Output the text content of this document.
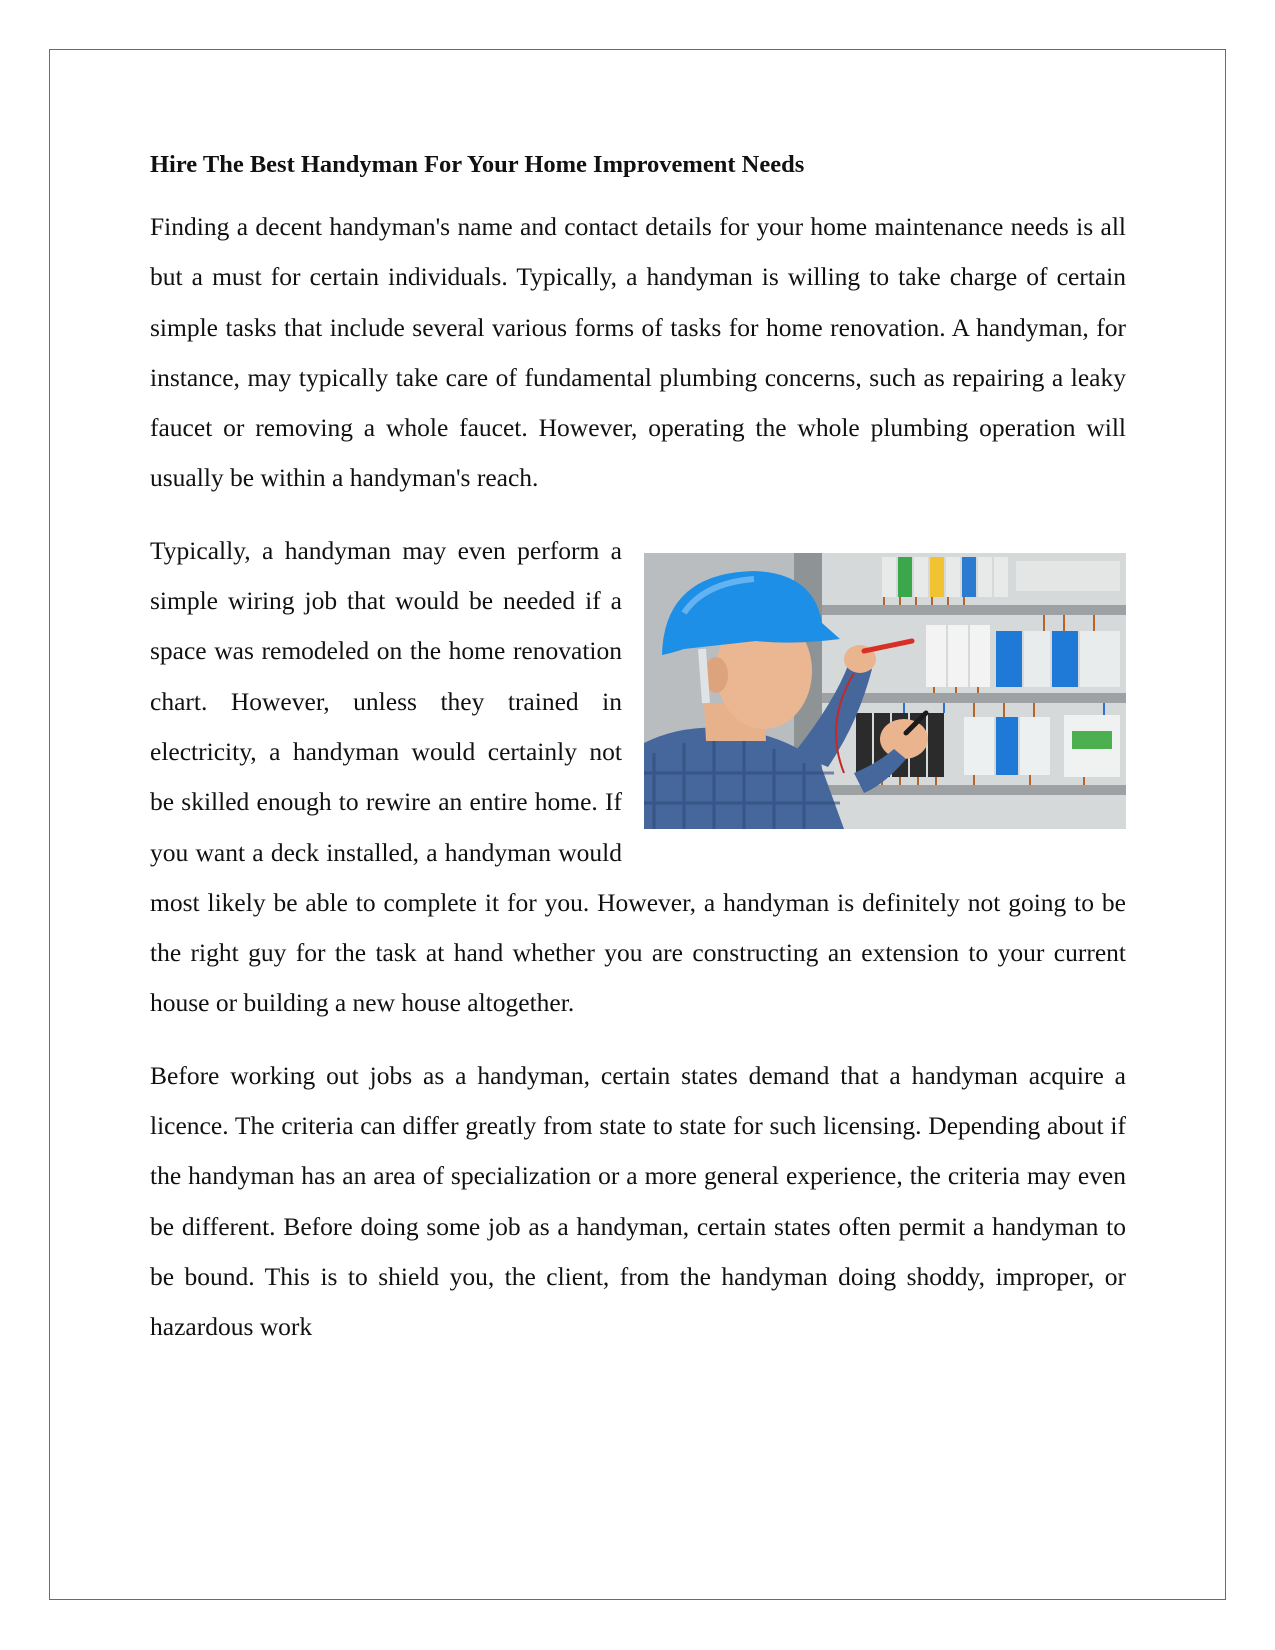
Hire The Best Handyman For Your Home Improvement Needs

Finding a decent handyman's name and contact details for your home maintenance needs is all but a must for certain individuals. Typically, a handyman is willing to take charge of certain simple tasks that include several various forms of tasks for home renovation. A handyman, for instance, may typically take care of fundamental plumbing concerns, such as repairing a leaky faucet or removing a whole faucet. However, operating the whole plumbing operation will usually be within a handyman's reach.

Typically, a handyman may even perform a simple wiring job that would be needed if a space was remodeled on the home renovation chart. However, unless they trained in electricity, a handyman would certainly not be skilled enough to rewire an entire home. If you want a deck installed, a handyman would most likely be able to complete it for you. However, a handyman is definitely not going to be the right guy for the task at hand whether you are constructing an extension to your current house or building a new house altogether.

Before working out jobs as a handyman, certain states demand that a handyman acquire a licence. The criteria can differ greatly from state to state for such licensing. Depending about if the handyman has an area of specialization or a more general experience, the criteria may even be different. Before doing some job as a handyman, certain states often permit a handyman to be bound. This is to shield you, the client, from the handyman doing shoddy, improper, or hazardous work
